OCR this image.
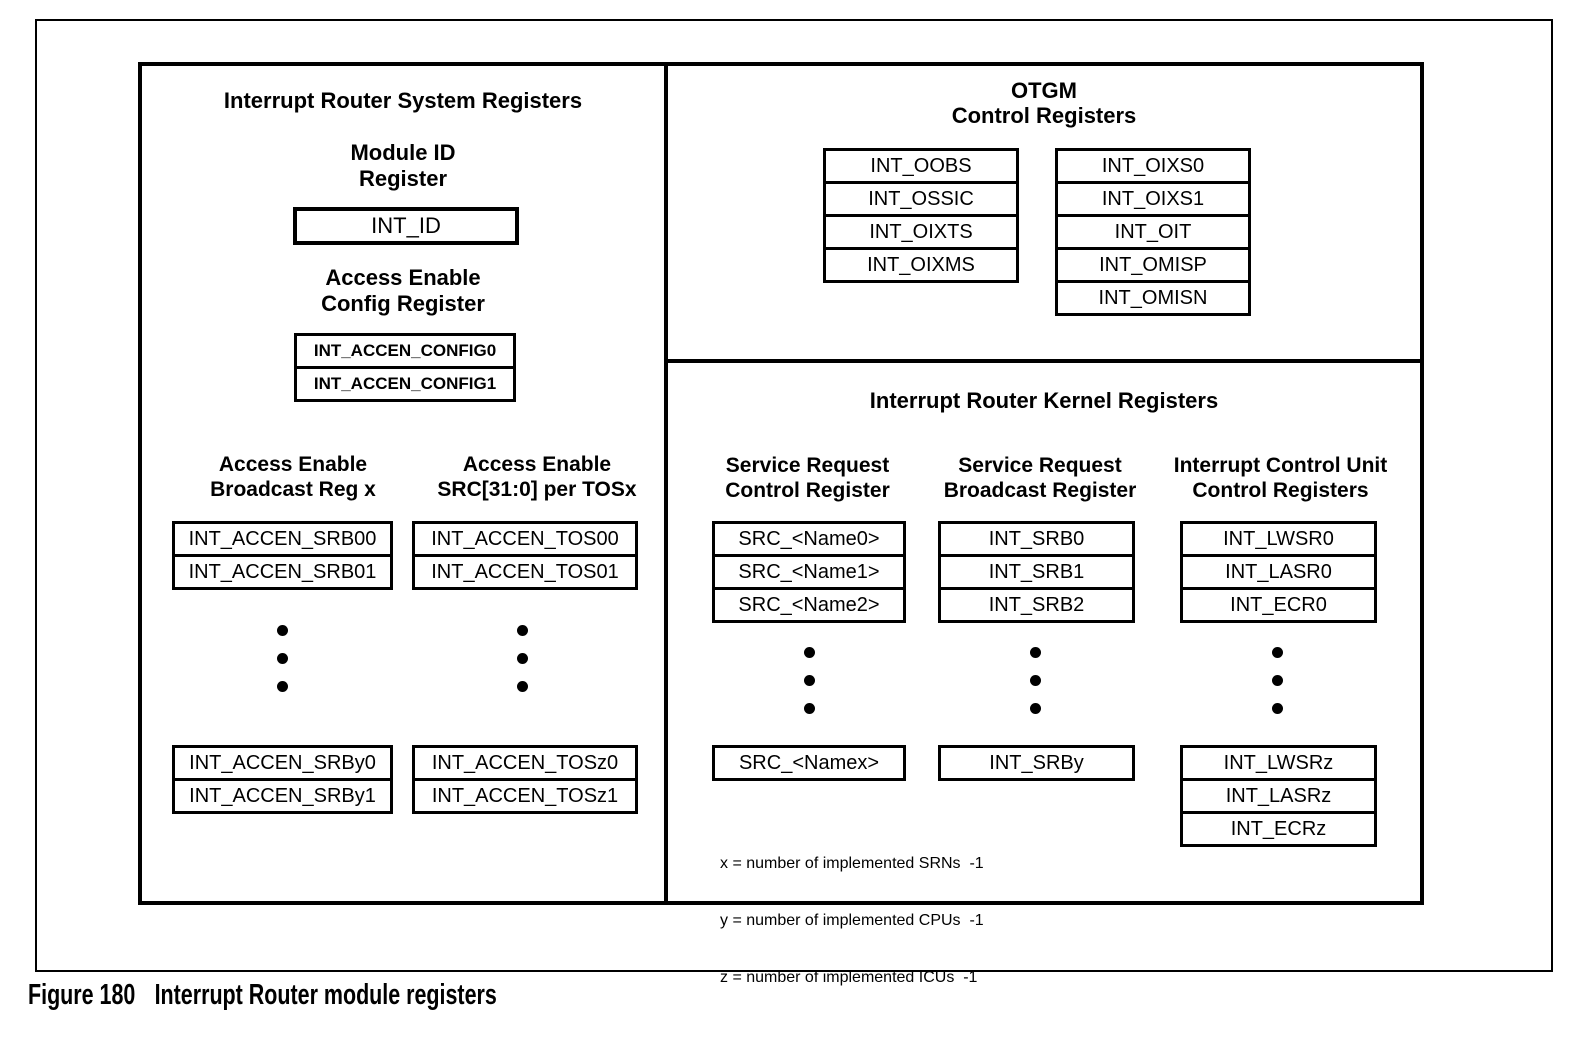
Interrupt Router System Registers
Module ID
Register
INT_ID
Access Enable
Config Register
INT_ACCEN_CONFIG0
INT_ACCEN_CONFIG1
Access Enable
Broadcast Reg x
Access Enable
SRC[31:0] per TOSx
INT_ACCEN_SRB00
INT_ACCEN_SRB01
INT_ACCEN_TOS00
INT_ACCEN_TOS01
INT_ACCEN_SRBy0
INT_ACCEN_SRBy1
INT_ACCEN_TOSz0
INT_ACCEN_TOSz1
OTGM
Control Registers
INT_OOBS
INT_OSSIC
INT_OIXTS
INT_OIXMS
INT_OIXS0
INT_OIXS1
INT_OIT
INT_OMISP
INT_OMISN
Interrupt Router Kernel Registers
Service Request
Control Register
Service Request
Broadcast Register
Interrupt Control Unit
Control Registers
SRC_<Name0>
SRC_<Name1>
SRC_<Name2>
INT_SRB0
INT_SRB1
INT_SRB2
INT_LWSR0
INT_LASR0
INT_ECR0
SRC_<Namex>	INT_SRBy	INT_LWSRz
INT_LASRz
INT_ECRz

x = number of implemented SRNs  -1

y = number of implemented CPUs  -1

z = number of implemented ICUs  -1

Figure 180 Interrupt Router module registers
